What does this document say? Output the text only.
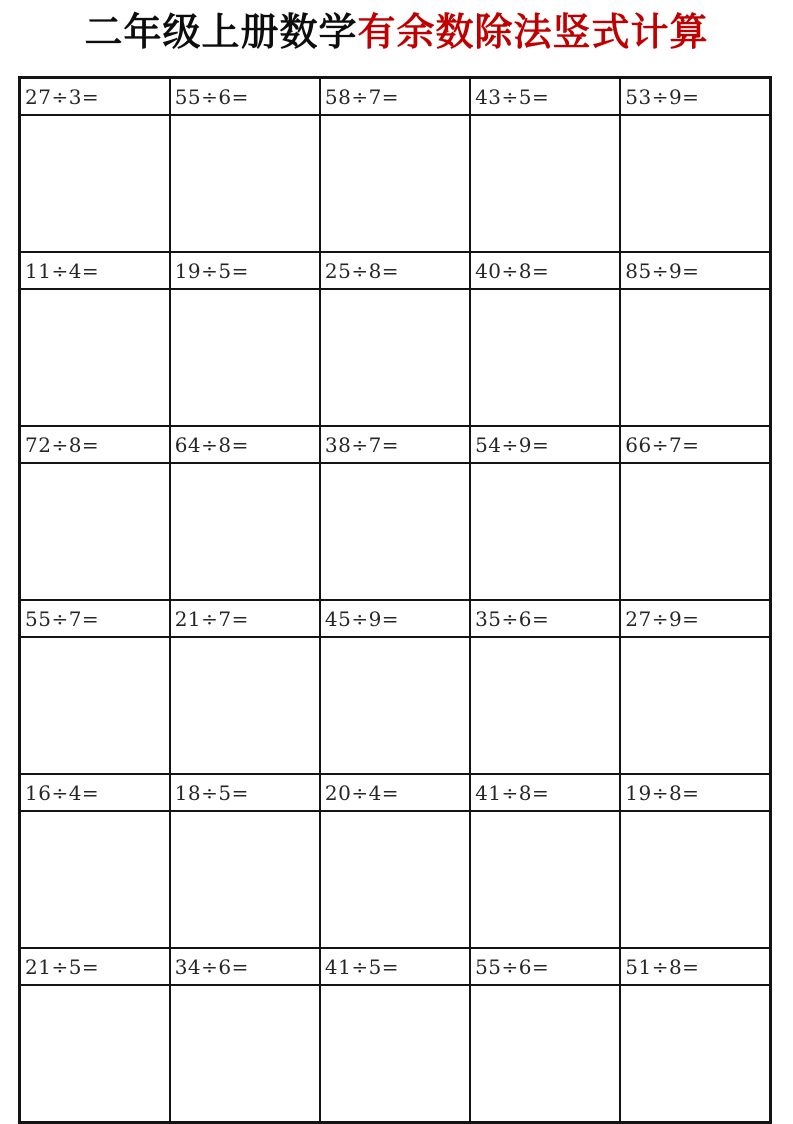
二年级上册数学有余数除法竖式计算
27÷3=	55÷6=	58÷7=	43÷5=	53÷9=

11÷4=	19÷5=	25÷8=	40÷8=	85÷9=

72÷8=	64÷8=	38÷7=	54÷9=	66÷7=

55÷7=	21÷7=	45÷9=	35÷6=	27÷9=

16÷4=	18÷5=	20÷4=	41÷8=	19÷8=

21÷5=	34÷6=	41÷5=	55÷6=	51÷8=
